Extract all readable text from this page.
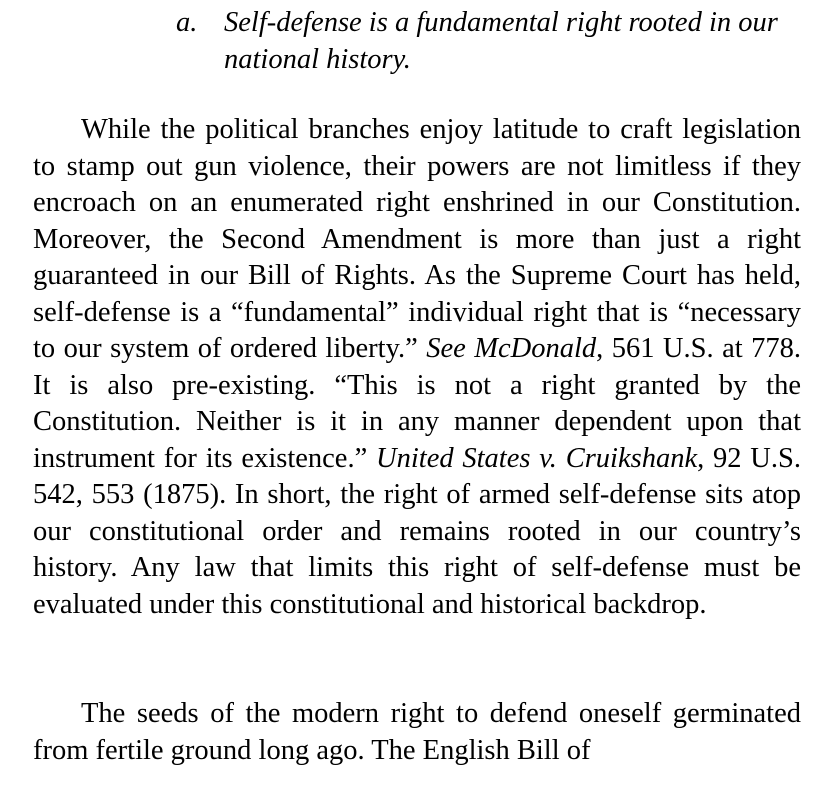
a. Self-defense is a fundamental right rooted in our national history.

While the political branches enjoy latitude to craft legislation to stamp out gun violence, their powers are not limitless if they encroach on an enumerated right enshrined in our Constitution. Moreover, the Second Amendment is more than just a right guaranteed in our Bill of Rights. As the Supreme Court has held, self-defense is a “fundamental” individual right that is “necessary to our system of ordered liberty.” See McDonald, 561 U.S. at 778. It is also pre-existing. “This is not a right granted by the Constitution. Neither is it in any manner dependent upon that instrument for its existence.” United States v. Cruikshank, 92 U.S. 542, 553 (1875). In short, the right of armed self-defense sits atop our constitutional order and remains rooted in our country’s history. Any law that limits this right of self-defense must be evaluated under this constitutional and historical backdrop.

The seeds of the modern right to defend oneself germinated from fertile ground long ago. The English Bill of
